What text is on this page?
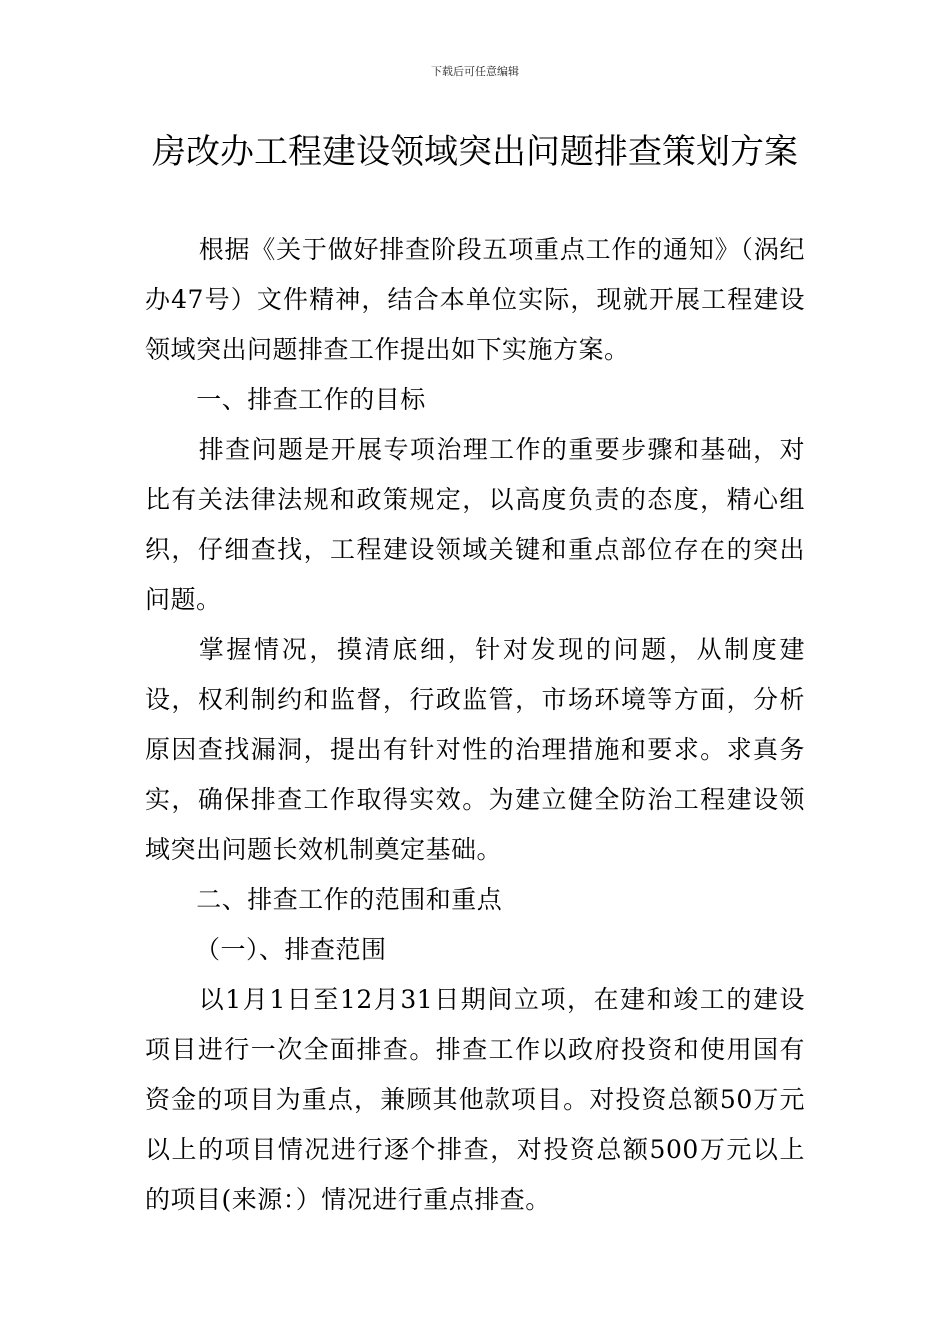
下载后可任意编辑
房改办工程建设领域突出问题排查策划方案

根据《关于做好排查阶段五项重点工作的通知》（涡纪办47号）文件精神，结合本单位实际，现就开展工程建设领域突出问题排查工作提出如下实施方案。

一、排查工作的目标

排查问题是开展专项治理工作的重要步骤和基础，对比有关法律法规和政策规定，以高度负责的态度，精心组织，仔细查找，工程建设领域关键和重点部位存在的突出问题。

掌握情况，摸清底细，针对发现的问题，从制度建设，权利制约和监督，行政监管，市场环境等方面，分析原因查找漏洞，提出有针对性的治理措施和要求。求真务实，确保排查工作取得实效。为建立健全防治工程建设领域突出问题长效机制奠定基础。

二、排查工作的范围和重点

（一）、排查范围

以1月1日至12月31日期间立项，在建和竣工的建设项目进行一次全面排查。排查工作以政府投资和使用国有资金的项目为重点，兼顾其他款项目。对投资总额50万元以上的项目情况进行逐个排查，对投资总额500万元以上的项目(来源：）情况进行重点排查。
